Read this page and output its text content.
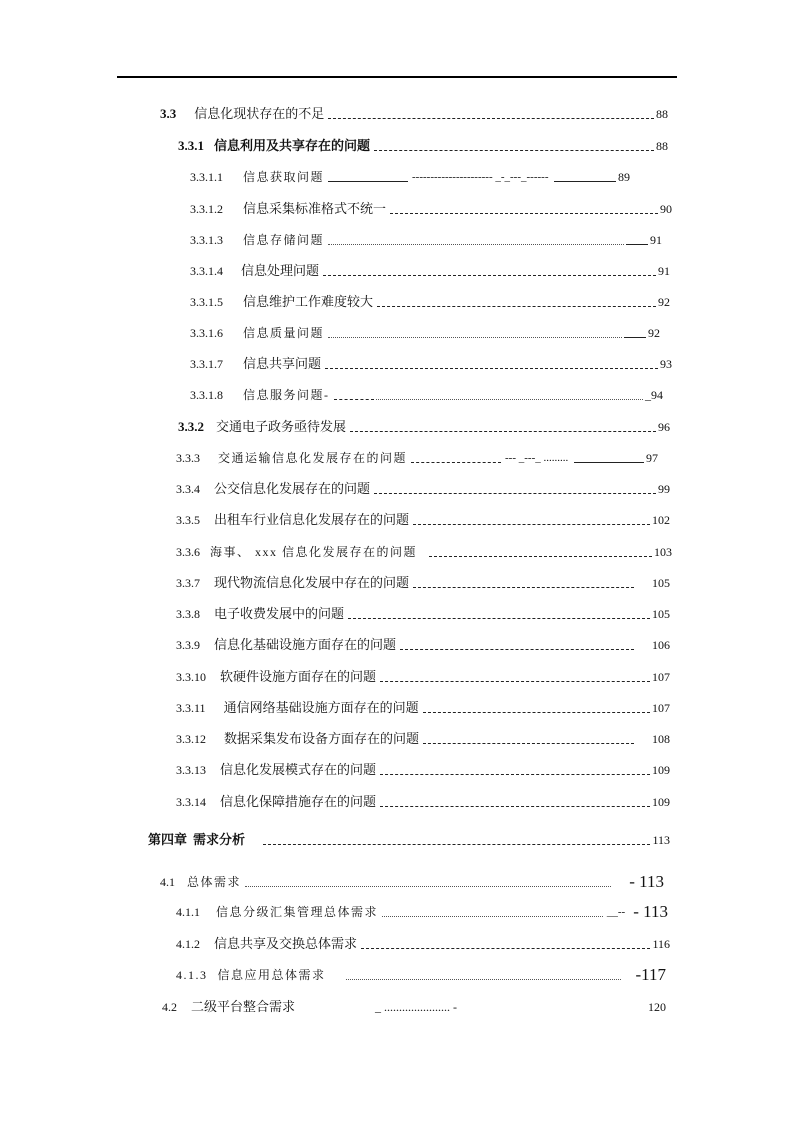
3.3 信息化现状存在的不足	88
3.3.1 信息利用及共享存在的问题	88
3.3.1.1 信息获取问题	---------------------- _-_---_------	89
3.3.1.2 信息采集标准格式不统一	90
3.3.1.3 信息存储问题	91
3.3.1.4 信息处理问题	91
3.3.1.5 信息维护工作难度较大	92
3.3.1.6 信息质量问题	92
3.3.1.7 信息共享问题	93
3.3.1.8 信息服务问题-	_94
3.3.2 交通电子政务亟待发展	96
3.3.3 交通运输信息化发展存在的问题	--- _---_ .........	97
3.3.4 公交信息化发展存在的问题	99
3.3.5 出租车行业信息化发展存在的问题	102
3.3.6 海事、 xxx 信息化发展存在的问题	103
3.3.7 现代物流信息化发展中存在的问题	105
3.3.8 电子收费发展中的问题	105
3.3.9 信息化基础设施方面存在的问题	106
3.3.10 软硬件设施方面存在的问题	107
3.3.11 通信网络基础设施方面存在的问题	107
3.3.12 数据采集发布设备方面存在的问题	108
3.3.13 信息化发展模式存在的问题	109
3.3.14 信息化保障措施存在的问题	109
第四章 需求分析	113
4.1 总体需求	- 113
4.1.1 信息分级汇集管理总体需求	__-- - 113
4.1.2 信息共享及交换总体需求	116
4.1.3 信息应用总体需求	-117
4.2 二级平台整合需求	_ ...................... -	120
